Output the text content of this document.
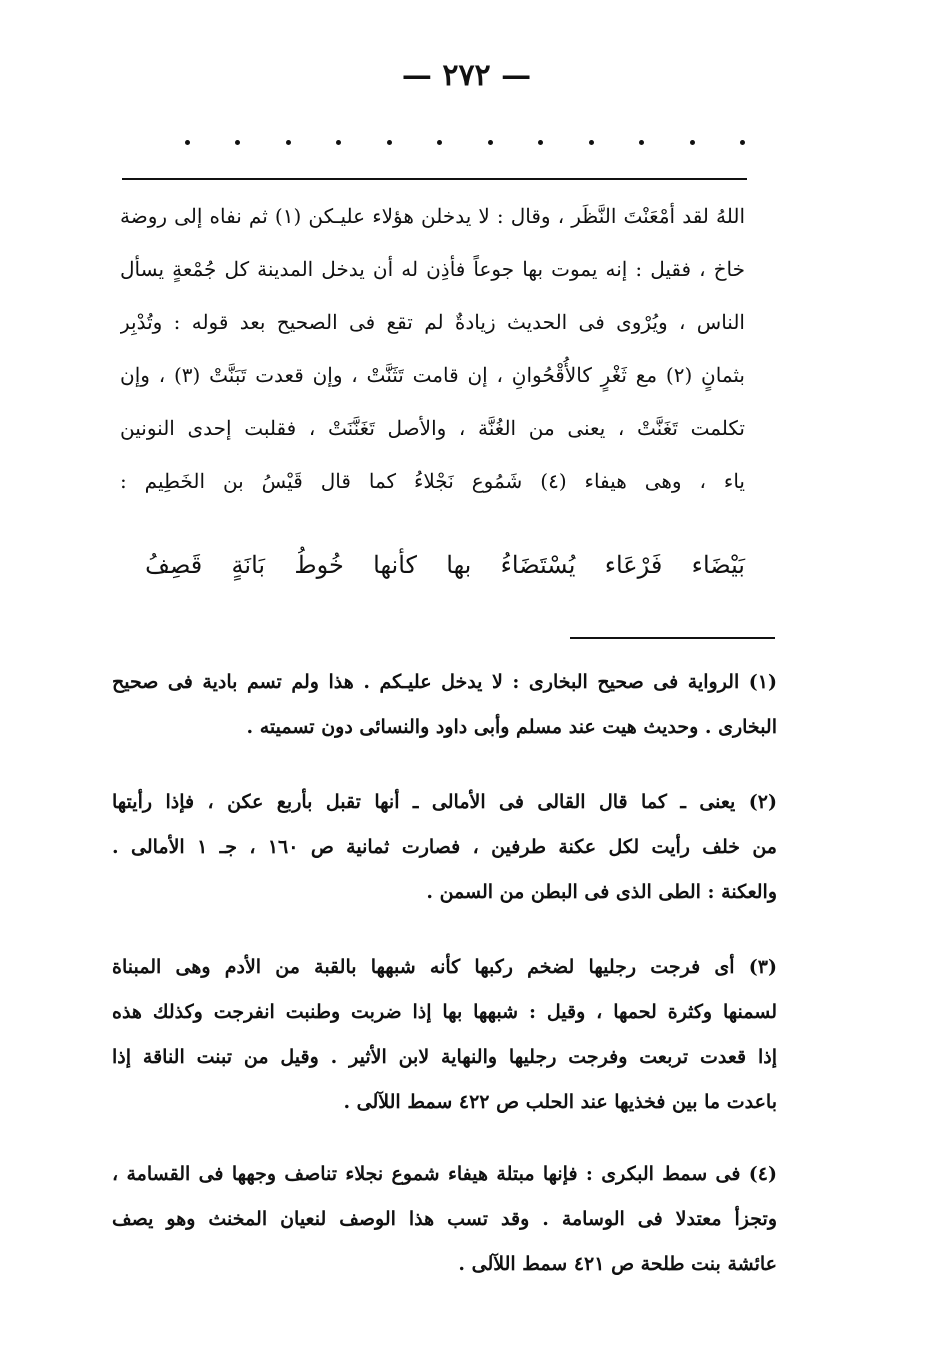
— ٢٧٢ —
اللهُ لقد أمْعَنْتَ النَّظَر ، وقال : لا يدخلن هؤلاء عليـكن (١) ثم نفاه إلى روضة
خاخ ، فقيل : إنه يموت بها جوعاً فأذِن له أن يدخل المدينة كل جُمْعةٍ يسأل
الناس ، ويُرْوى فى الحديث زيادةٌ لم تقع فى الصحيح بعد قوله : وتُدْبِر
بثمانٍ (٢) مع ثَغْرٍ كالأُقْحُوانِ ، إن قامت تَثَنَّتْ ، وإن قعدت تَبَنَّتْ (٣) ، وإن
تكلمت تَغَنَّتْ ، يعنى من الغُنَّة ، والأصل تَغَنَّنَتْ ، فقلبت إحدى النونين
ياء ، وهى هيفاء (٤) شَمُوع نَجْلاءُ كما قال قَيْسُ بن الخَطِيم :
بَيْضَاء
فَرْعَاء
يُسْتَضَاءُ
بها
كأنها
خُوطُ
بَانَةٍ
قَصِفُ
(١) الرواية فى صحيح البخارى : لا يدخل عليـكم . هذا ولم تسم بادية فى صحيح
البخارى . وحديث هيت عند مسلم وأبى داود والنسائى دون تسميته .
(٢) يعنى ـ كما قال القالى فى الأمالى ـ أنها تقبل بأربع عكن ، فإذا رأيتها
من خلف رأيت لكل عكنة طرفين ، فصارت ثمانية ص ١٦٠ ، جـ ١ الأمالى .
والعكنة : الطى الذى فى البطن من السمن .
(٣) أى فرجت رجليها لضخم ركبها كأنه شبهها بالقبة من الأدم وهى المبناة
لسمنها وكثرة لحمها ، وقيل : شبهها بها إذا ضربت وطنبت انفرجت وكذلك هذه
إذا قعدت تربعت وفرجت رجليها والنهاية لابن الأثير . وقيل من تبنت الناقة إذا
باعدت ما بين فخذيها عند الحلب ص ٤٢٢ سمط اللآلى .
(٤) فى سمط البكرى : فإنها مبتلة هيفاء شموع نجلاء تناصف وجهها فى القسامة ،
وتجزأ معتدلا فى الوسامة . وقد تسب هذا الوصف لنعيان المخنث وهو يصف
عائشة بنت طلحة ص ٤٢١ سمط اللآلى .
